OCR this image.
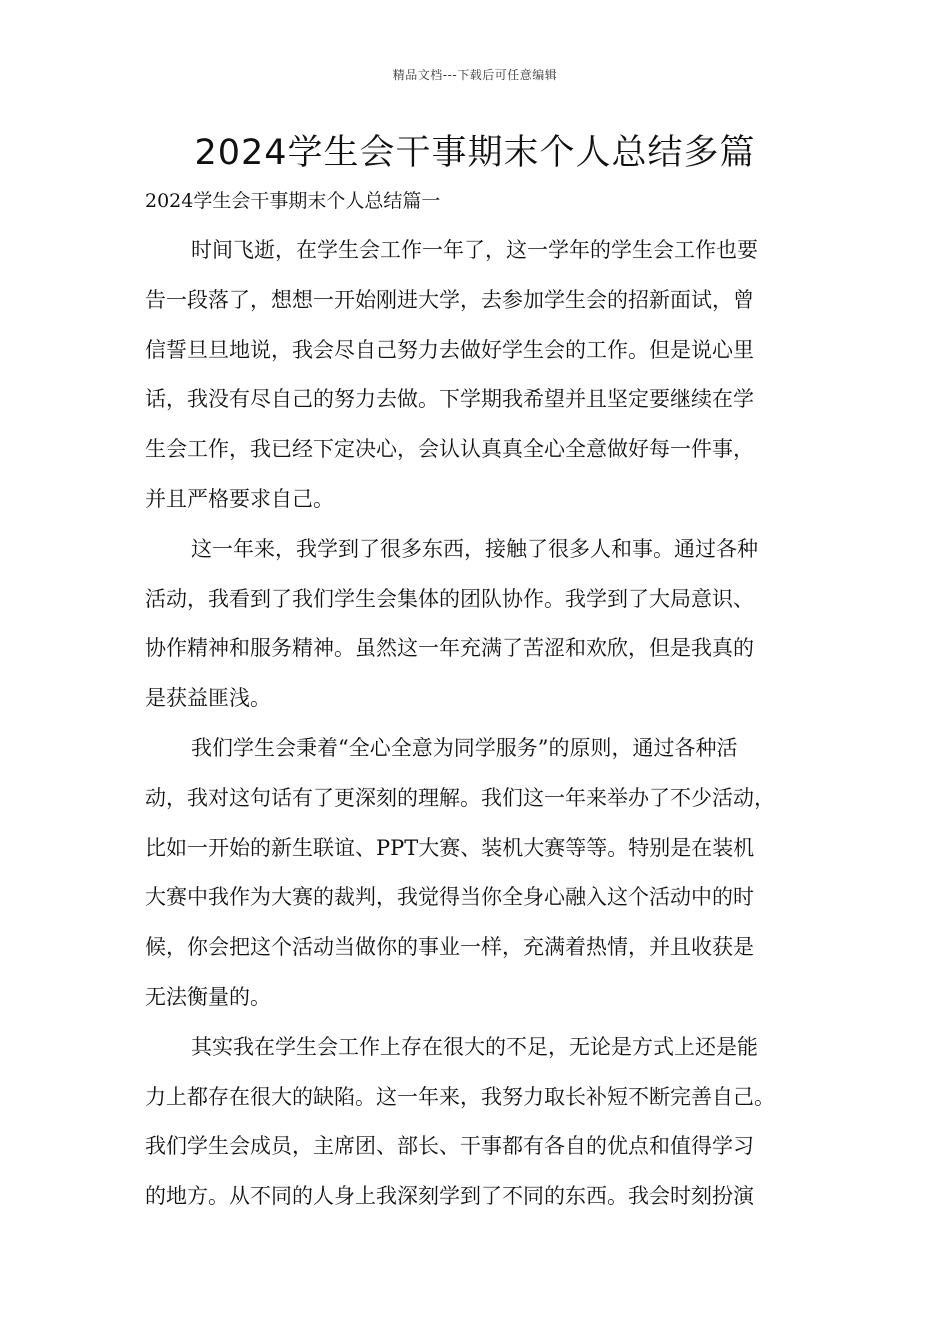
精品文档---下载后可任意编辑
2024学生会干事期末个人总结多篇
2024学生会干事期末个人总结篇一

时间飞逝，在学生会工作一年了，这一学年的学生会工作也要
告一段落了，想想一开始刚进大学，去参加学生会的招新面试，曾
信誓旦旦地说，我会尽自己努力去做好学生会的工作。但是说心里
话，我没有尽自己的努力去做。下学期我希望并且坚定要继续在学
生会工作，我已经下定决心，会认认真真全心全意做好每一件事，
并且严格要求自己。

这一年来，我学到了很多东西，接触了很多人和事。通过各种
活动，我看到了我们学生会集体的团队协作。我学到了大局意识、
协作精神和服务精神。虽然这一年充满了苦涩和欢欣，但是我真的
是获益匪浅。

我们学生会秉着“全心全意为同学服务”的原则，通过各种活
动，我对这句话有了更深刻的理解。我们这一年来举办了不少活动，
比如一开始的新生联谊、PPT大赛、装机大赛等等。特别是在装机
大赛中我作为大赛的裁判，我觉得当你全身心融入这个活动中的时
候，你会把这个活动当做你的事业一样，充满着热情，并且收获是
无法衡量的。

其实我在学生会工作上存在很大的不足，无论是方式上还是能
力上都存在很大的缺陷。这一年来，我努力取长补短不断完善自己。
我们学生会成员，主席团、部长、干事都有各自的优点和值得学习
的地方。从不同的人身上我深刻学到了不同的东西。我会时刻扮演
